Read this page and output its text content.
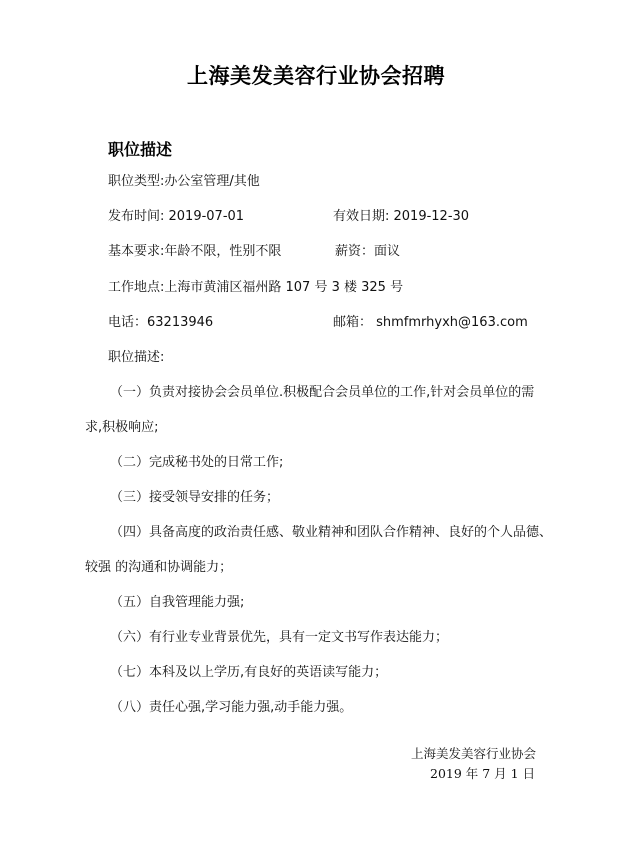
上海美发美容行业协会招聘
职位描述
职位类型:办公室管理/其他
发布时间: 2019-07-01	有效日期: 2019-12-30
基本要求:年龄不限，性别不限	薪资：面议
工作地点:上海市黄浦区福州路 107 号 3 楼 325 号
电话：63213946	邮箱： shmfmrhyxh@163.com
职位描述:
（一）负责对接协会会员单位.积极配合会员单位的工作,针对会员单位的需
求,积极响应;
（二）完成秘书处的日常工作;
（三）接受领导安排的任务；
（四）具备高度的政治责任感、敬业精神和团队合作精神、良好的个人品德、
较强 的沟通和协调能力；
（五）自我管理能力强;
（六）有行业专业背景优先，具有一定文书写作表达能力；
（七）本科及以上学历,有良好的英语读写能力；
（八）责任心强,学习能力强,动手能力强。
上海美发美容行业协会
2019 年 7 月 1 日
